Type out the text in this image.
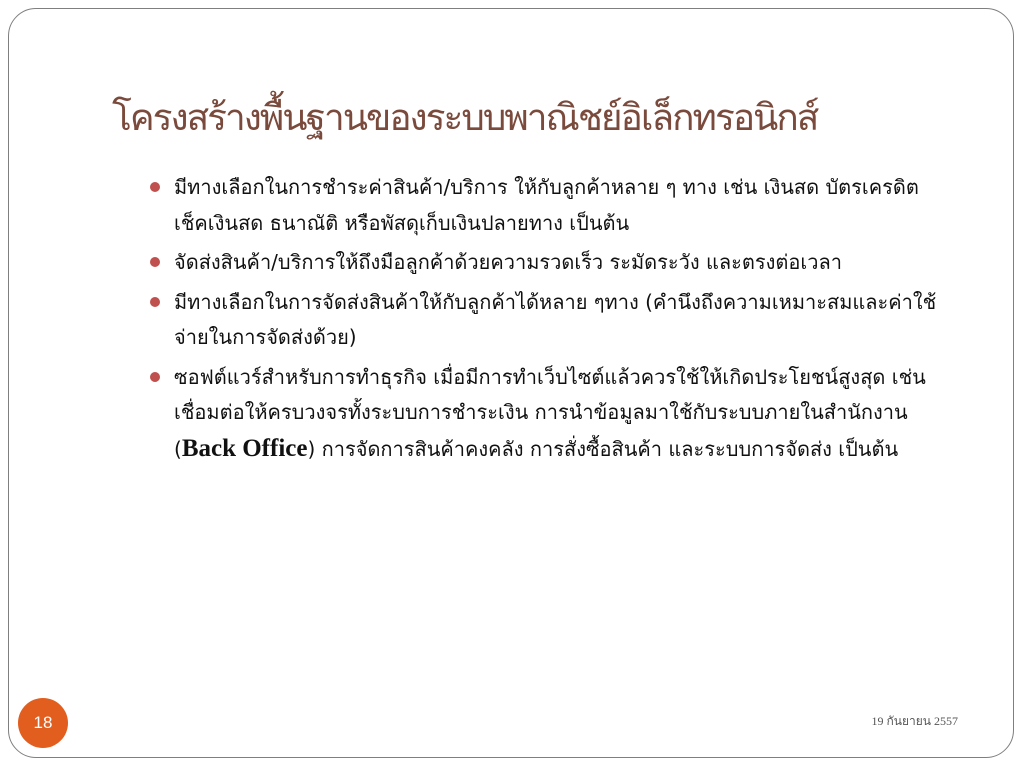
โครงสร้างพื้นฐานของระบบพาณิชย์อิเล็กทรอนิกส์
มีทางเลือกในการชำระค่าสินค้า/บริการ ให้กับลูกค้าหลาย ๆ ทาง เช่น เงินสด บัตรเครดิต เช็คเงินสด ธนาณัติ หรือพัสดุเก็บเงินปลายทาง เป็นต้น
จัดส่งสินค้า/บริการให้ถึงมือลูกค้าด้วยความรวดเร็ว ระมัดระวัง และตรงต่อเวลา
มีทางเลือกในการจัดส่งสินค้าให้กับลูกค้าได้หลาย ๆทาง (คำนึงถึงความเหมาะสมและค่าใช้จ่ายในการจัดส่งด้วย)
ซอฟต์แวร์สำหรับการทำธุรกิจ เมื่อมีการทำเว็บไซต์แล้วควรใช้ให้เกิดประโยชน์สูงสุด เช่น เชื่อมต่อให้ครบวงจรทั้งระบบการชำระเงิน การนำข้อมูลมาใช้กับระบบภายในสำนักงาน (Back Office) การจัดการสินค้าคงคลัง การสั่งซื้อสินค้า และระบบการจัดส่ง เป็นต้น
18	19 กันยายน 2557
